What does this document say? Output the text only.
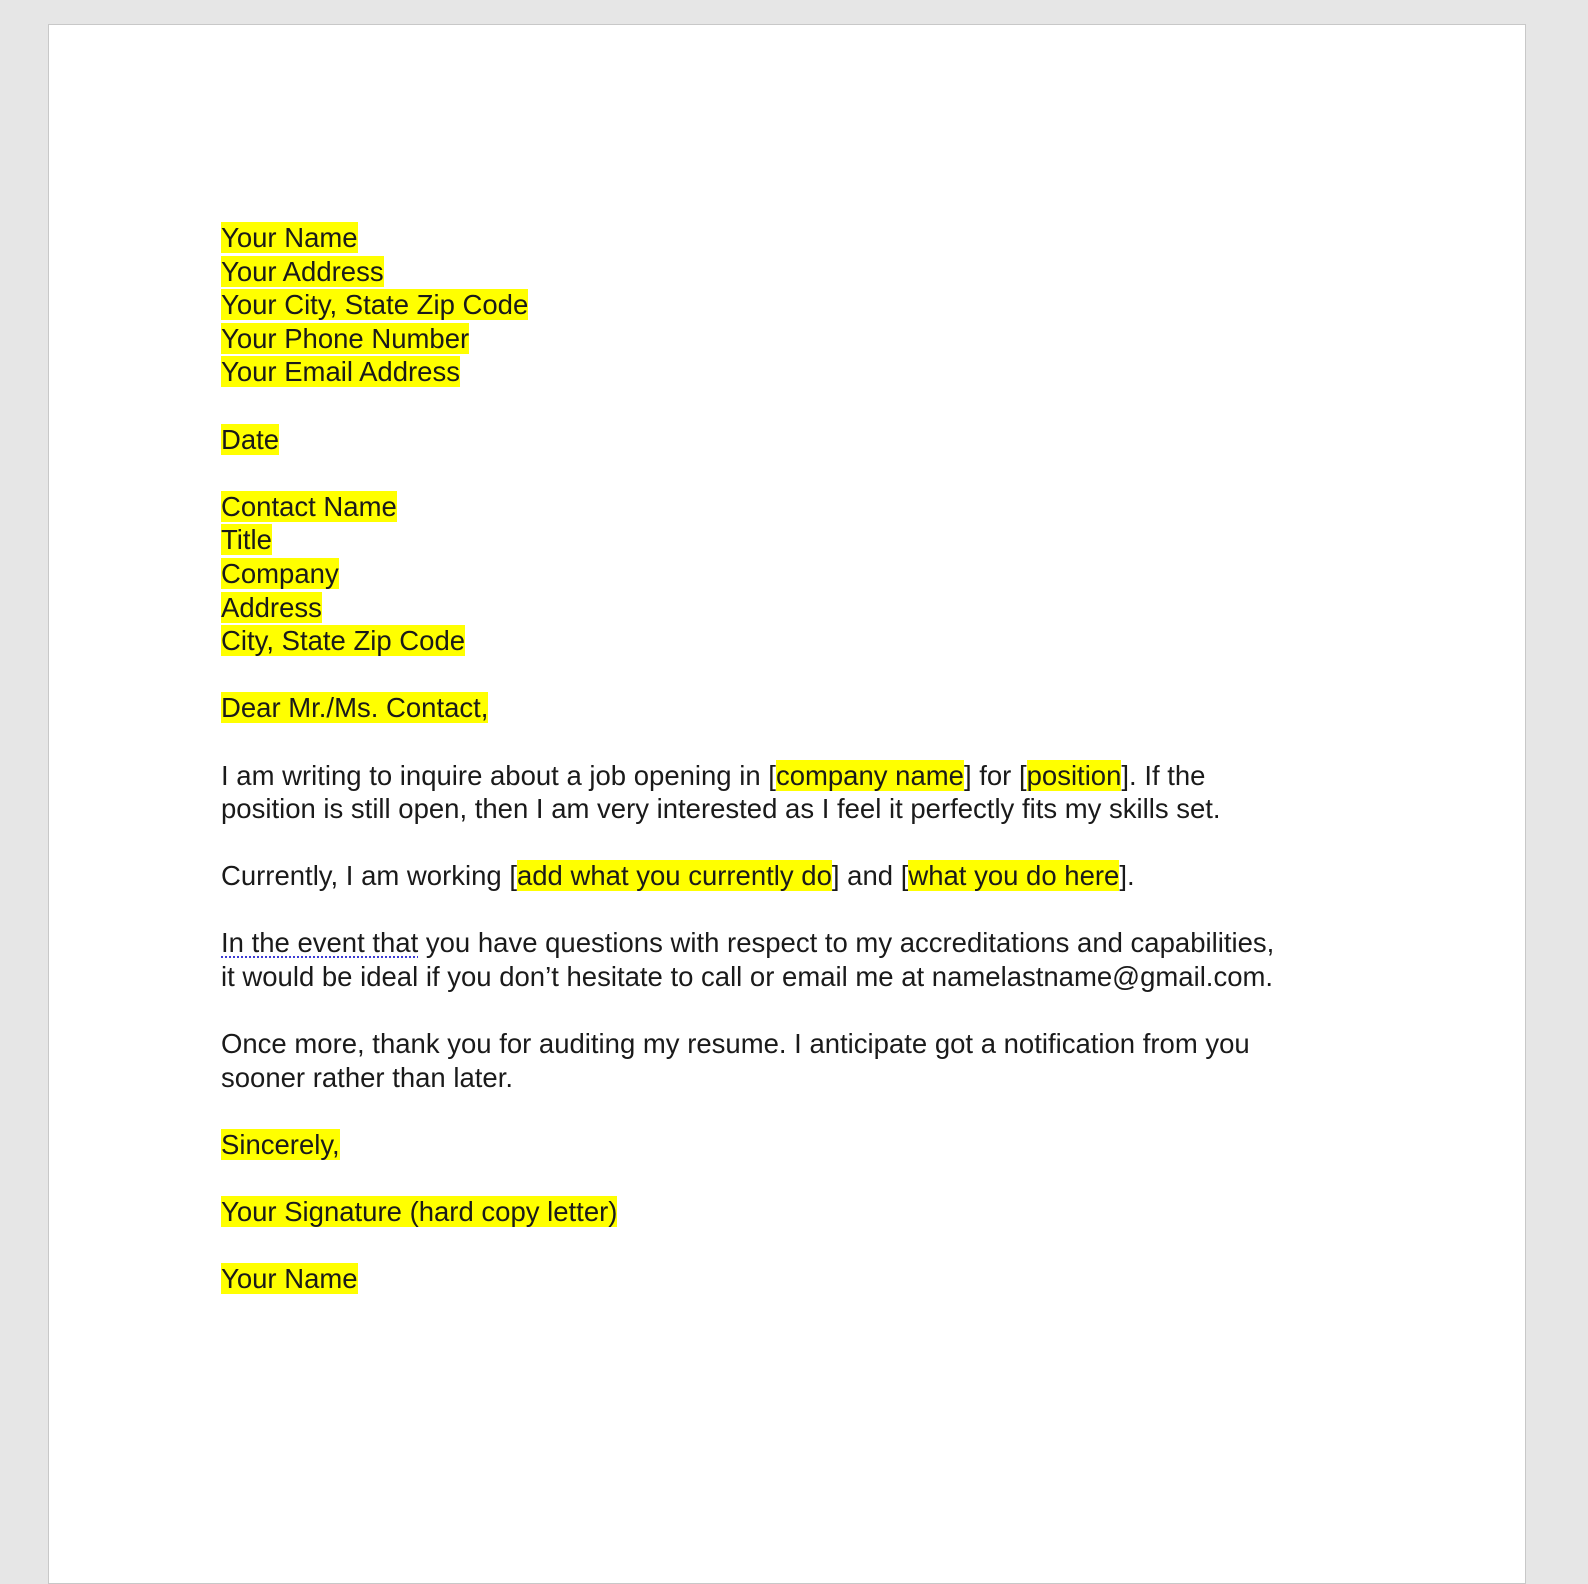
Your Name
Your Address
Your City, State Zip Code
Your Phone Number
Your Email Address
Date
Contact Name
Title
Company
Address
City, State Zip Code
Dear Mr./Ms. Contact,
I am writing to inquire about a job opening in [company name] for [position]. If the
position is still open, then I am very interested as I feel it perfectly fits my skills set.
Currently, I am working [add what you currently do] and [what you do here].
In the event that you have questions with respect to my accreditations and capabilities,
it would be ideal if you don’t hesitate to call or email me at namelastname@gmail.com.
Once more, thank you for auditing my resume. I anticipate got a notification from you
sooner rather than later.
Sincerely,
Your Signature (hard copy letter)
Your Name
